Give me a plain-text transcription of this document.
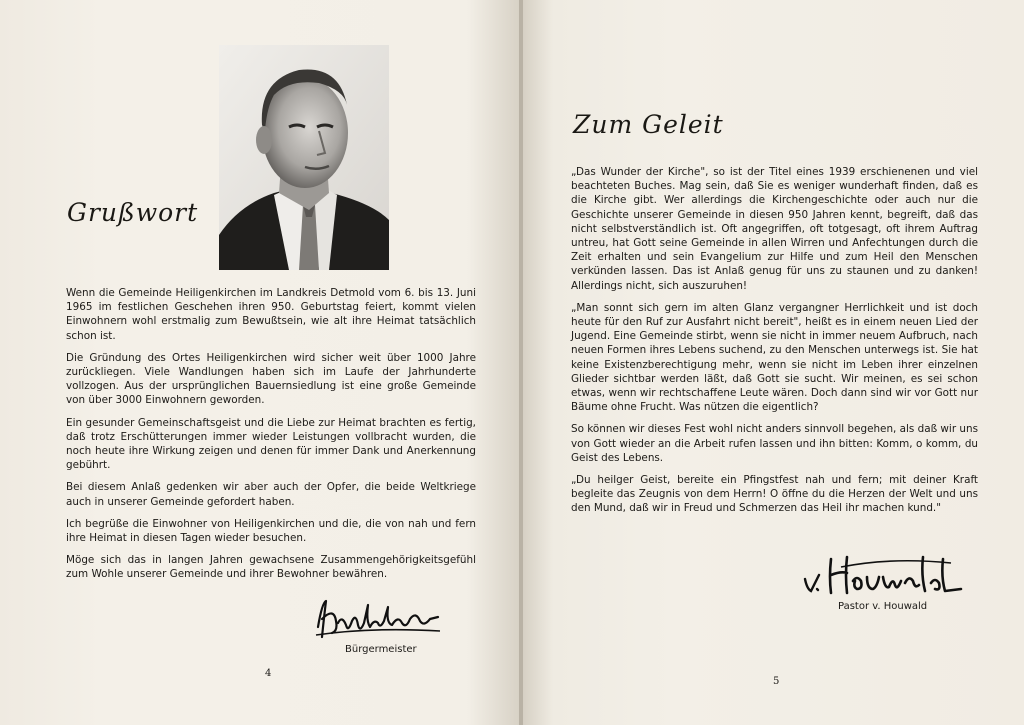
Grußwort

Wenn die Gemeinde Heiligenkirchen im Landkreis Detmold vom 6. bis 13. Juni 1965 im festlichen Geschehen ihren 950. Geburtstag feiert, kommt vielen Einwohnern wohl erstmalig zum Bewußtsein, wie alt ihre Heimat tatsächlich schon ist.

Die Gründung des Ortes Heiligenkirchen wird sicher weit über 1000 Jahre zurückliegen. Viele Wandlungen haben sich im Laufe der Jahrhunderte vollzogen. Aus der ursprünglichen Bauernsiedlung ist eine große Gemeinde von über 3000 Einwohnern geworden.

Ein gesunder Gemeinschaftsgeist und die Liebe zur Heimat brachten es fertig, daß trotz Erschütterungen immer wieder Leistungen vollbracht wurden, die noch heute ihre Wirkung zeigen und denen für immer Dank und Anerkennung gebührt.

Bei diesem Anlaß gedenken wir aber auch der Opfer, die beide Weltkriege auch in unserer Gemeinde gefordert haben.

Ich begrüße die Einwohner von Heiligenkirchen und die, die von nah und fern ihre Heimat in diesen Tagen wieder besuchen.

Möge sich das in langen Jahren gewachsene Zusammengehörigkeitsgefühl zum Wohle unserer Gemeinde und ihrer Bewohner bewähren.

Bürgermeister
4
Zum Geleit

„Das Wunder der Kirche", so ist der Titel eines 1939 erschienenen und viel beachteten Buches. Mag sein, daß Sie es weniger wunderhaft finden, daß es die Kirche gibt. Wer allerdings die Kirchengeschichte oder auch nur die Geschichte unserer Gemeinde in diesen 950 Jahren kennt, begreift, daß das nicht selbstverständlich ist. Oft angegriffen, oft totgesagt, oft ihrem Auftrag untreu, hat Gott seine Gemeinde in allen Wirren und Anfechtungen durch die Zeit erhalten und sein Evangelium zur Hilfe und zum Heil den Menschen verkünden lassen. Das ist Anlaß genug für uns zu staunen und zu danken! Allerdings nicht, sich auszuruhen!

„Man sonnt sich gern im alten Glanz vergangner Herrlichkeit und ist doch heute für den Ruf zur Ausfahrt nicht bereit", heißt es in einem neuen Lied der Jugend. Eine Gemeinde stirbt, wenn sie nicht in immer neuem Aufbruch, nach neuen Formen ihres Lebens suchend, zu den Menschen unterwegs ist. Sie hat keine Existenzberechtigung mehr, wenn sie nicht im Leben ihrer einzelnen Glieder sichtbar werden läßt, daß Gott sie sucht. Wir meinen, es sei schon etwas, wenn wir rechtschaffene Leute wären. Doch dann sind wir vor Gott nur Bäume ohne Frucht. Was nützen die eigentlich?

So können wir dieses Fest wohl nicht anders sinnvoll begehen, als daß wir uns von Gott wieder an die Arbeit rufen lassen und ihn bitten: Komm, o komm, du Geist des Lebens.

„Du heilger Geist, bereite ein Pfingstfest nah und fern; mit deiner Kraft begleite das Zeugnis von dem Herrn! O öffne du die Herzen der Welt und uns den Mund, daß wir in Freud und Schmerzen das Heil ihr machen kund."

Pastor v. Houwald
5
